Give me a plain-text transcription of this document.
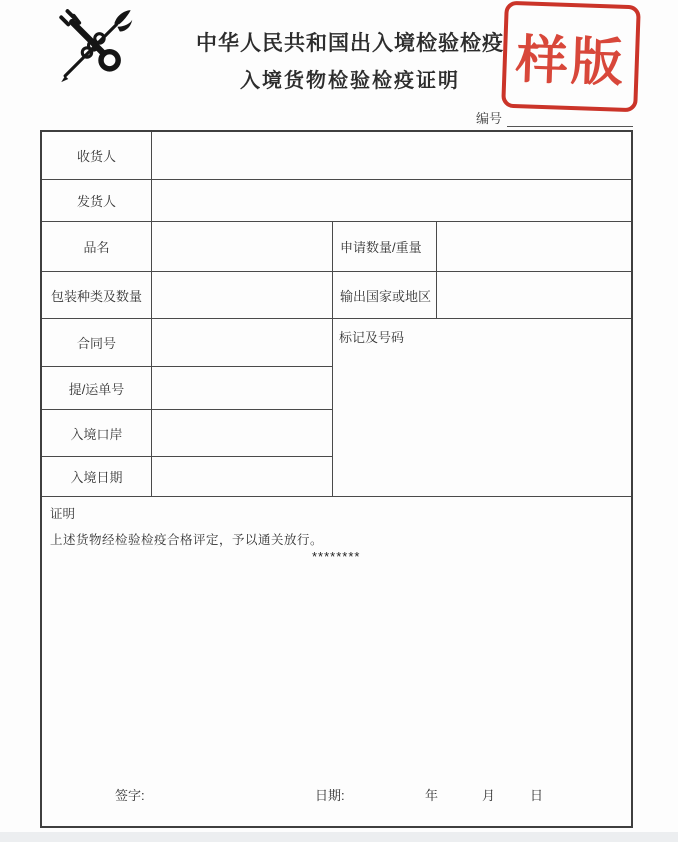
中华人民共和国出入境检验检疫
入境货物检验检疫证明	样版
编号
收货人
发货人
品名	申请数量/重量
包装种类及数量	输出国家或地区
合同号
提/运单号
入境口岸
入境日期
标记及号码
证明
上述货物经检验检疫合格评定，予以通关放行。
********
签字:	日期:	年	月	日
